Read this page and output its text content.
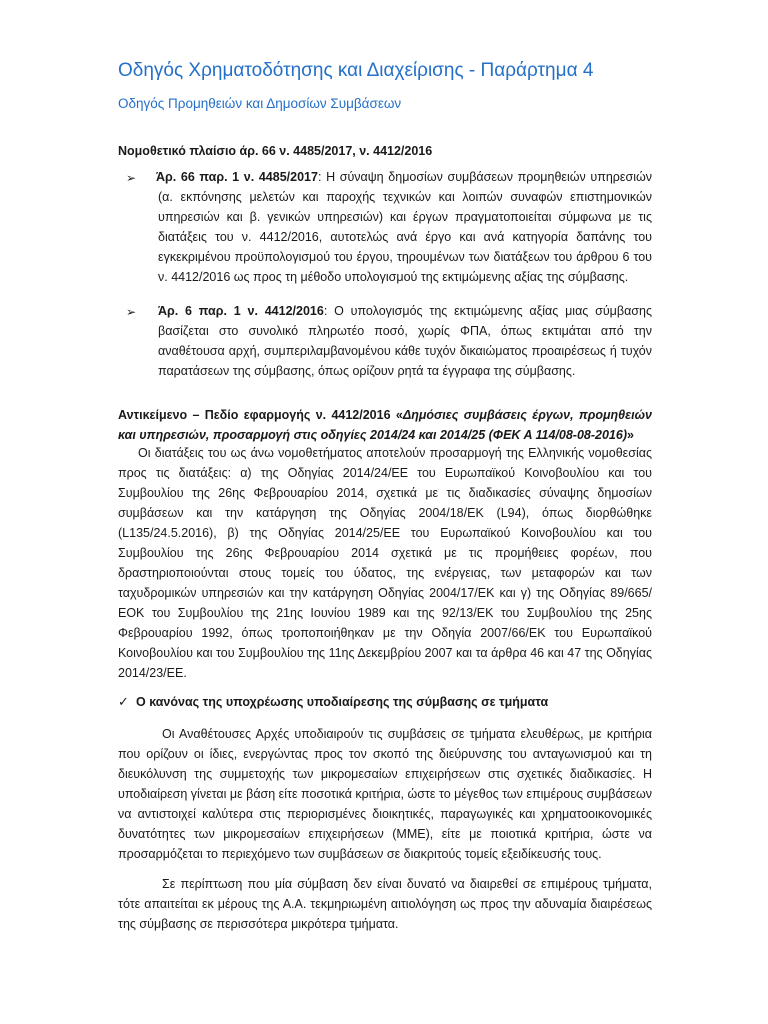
Οδηγός Χρηματοδότησης και Διαχείρισης - Παράρτημα 4
Οδηγός Προμηθειών και Δημοσίων Συμβάσεων
Νομοθετικό πλαίσιο άρ. 66 ν. 4485/2017, ν. 4412/2016
➢ Άρ. 66 παρ. 1 ν. 4485/2017: Η σύναψη δημοσίων συμβάσεων προμηθειών υπηρεσιών (α. εκπόνησης μελετών και παροχής τεχνικών και λοιπών συναφών επιστημονικών υπηρεσιών και β. γενικών υπηρεσιών) και έργων πραγματοποιείται σύμφωνα με τις διατάξεις του ν. 4412/2016, αυτοτελώς ανά έργο και ανά κατηγορία δαπάνης του εγκεκριμένου προϋπολογισμού του έργου, τηρουμένων των διατάξεων του άρθρου 6 του ν. 4412/2016 ως προς τη μέθοδο υπολογισμού της εκτιμώμενης αξίας της σύμβασης.
➢ Άρ. 6 παρ. 1 ν. 4412/2016: Ο υπολογισμός της εκτιμώμενης αξίας μιας σύμβασης βασίζεται στο συνολικό πληρωτέο ποσό, χωρίς ΦΠΑ, όπως εκτιμάται από την αναθέτουσα αρχή, συμπεριλαμβανομένου κάθε τυχόν δικαιώματος προαιρέσεως ή τυχόν παρατάσεων της σύμβασης, όπως ορίζουν ρητά τα έγγραφα της σύμβασης.
Αντικείμενο – Πεδίο εφαρμογής ν. 4412/2016 «Δημόσιες συμβάσεις έργων, προμηθειών και υπηρεσιών, προσαρμογή στις οδηγίες 2014/24 και 2014/25 (ΦΕΚ Α 114/08-08-2016)»
Οι διατάξεις του ως άνω νομοθετήματος αποτελούν προσαρμογή της Ελληνικής νομοθεσίας προς τις διατάξεις: α) της Οδηγίας 2014/24/ΕΕ του Ευρωπαϊκού Κοινοβουλίου και του Συμβουλίου της 26ης Φεβρουαρίου 2014, σχετικά με τις διαδικασίες σύναψης δημοσίων συμβάσεων και την κατάργηση της Οδηγίας 2004/18/ΕΚ (L94), όπως διορθώθηκε (L135/24.5.2016), β) της Οδηγίας 2014/25/ΕΕ του Ευρωπαϊκού Κοινοβουλίου και του Συμβουλίου της 26ης Φεβρουαρίου 2014 σχετικά με τις προμήθειες φορέων, που δραστηριοποιούνται στους τομείς του ύδατος, της ενέργειας, των μεταφορών και των ταχυδρομικών υπηρεσιών και την κατάργηση Οδηγίας 2004/17/ΕΚ και γ) της Οδηγίας 89/665/ΕΟΚ του Συμβουλίου της 21ης Ιουνίου 1989 και της 92/13/ΕΚ του Συμβουλίου της 25ης Φεβρουαρίου 1992, όπως τροποποιήθηκαν με την Οδηγία 2007/66/ΕΚ του Ευρωπαϊκού Κοινοβουλίου και του Συμβουλίου της 11ης Δεκεμβρίου 2007 και τα άρθρα 46 και 47 της Οδηγίας 2014/23/ΕΕ.
✓ Ο κανόνας της υποχρέωσης υποδιαίρεσης της σύμβασης σε τμήματα
Οι Αναθέτουσες Αρχές υποδιαιρούν τις συμβάσεις σε τμήματα ελευθέρως, με κριτήρια που ορίζουν οι ίδιες, ενεργώντας προς τον σκοπό της διεύρυνσης του ανταγωνισμού και τη διευκόλυνση της συμμετοχής των μικρομεσαίων επιχειρήσεων στις σχετικές διαδικασίες. Η υποδιαίρεση γίνεται με βάση είτε ποσοτικά κριτήρια, ώστε το μέγεθος των επιμέρους συμβάσεων να αντιστοιχεί καλύτερα στις περιορισμένες διοικητικές, παραγωγικές και χρηματοοικονομικές δυνατότητες των μικρομεσαίων επιχειρήσεων (ΜΜΕ), είτε με ποιοτικά κριτήρια, ώστε να προσαρμόζεται το περιεχόμενο των συμβάσεων σε διακριτούς τομείς εξειδίκευσής τους.
Σε περίπτωση που μία σύμβαση δεν είναι δυνατό να διαιρεθεί σε επιμέρους τμήματα, τότε απαιτείται εκ μέρους της Α.Α. τεκμηριωμένη αιτιολόγηση ως προς την αδυναμία διαιρέσεως της σύμβασης σε περισσότερα μικρότερα τμήματα.
